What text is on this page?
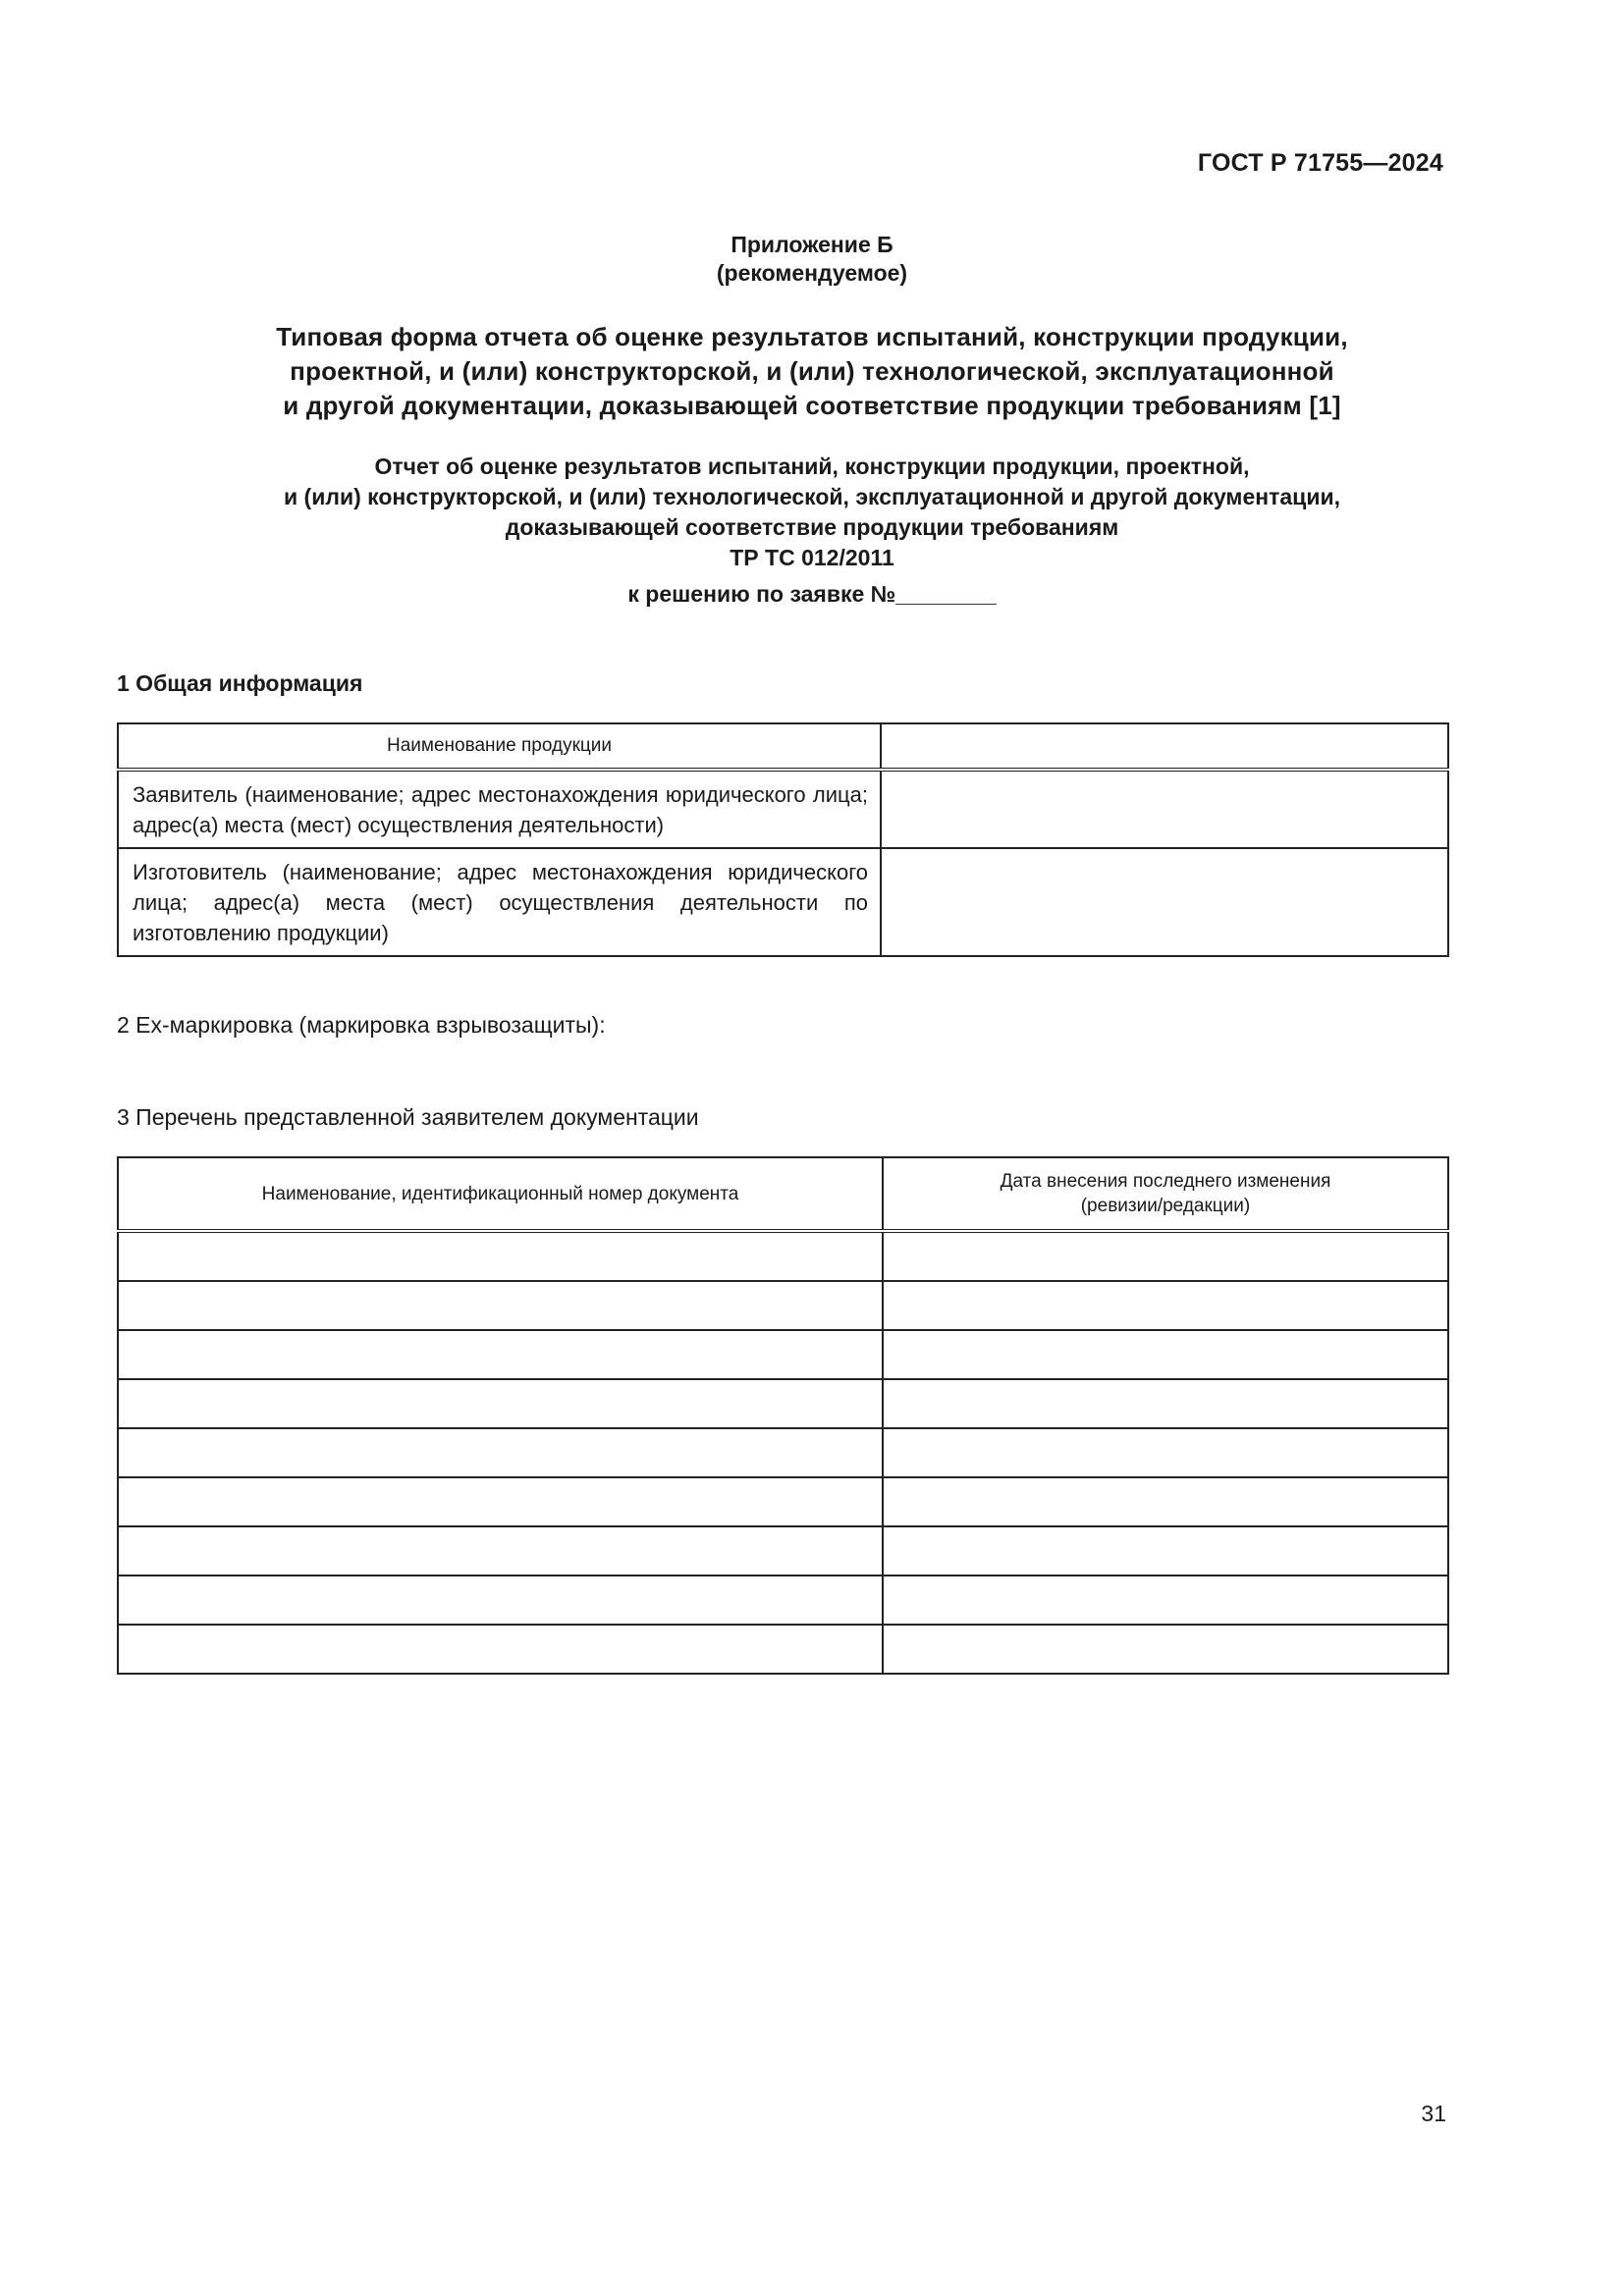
ГОСТ Р 71755—2024
Приложение Б
(рекомендуемое)
Типовая форма отчета об оценке результатов испытаний, конструкции продукции,
проектной, и (или) конструкторской, и (или) технологической, эксплуатационной
и другой документации, доказывающей соответствие продукции требованиям [1]
Отчет об оценке результатов испытаний, конструкции продукции, проектной,
и (или) конструкторской, и (или) технологической, эксплуатационной и другой документации,
доказывающей соответствие продукции требованиям
ТР ТС 012/2011
к решению по заявке №________
1 Общая информация
Наименование продукции	
Заявитель (наименование; адрес местонахождения юридического лица; адрес(а) места (мест) осуществления деятельности)	
Изготовитель (наименование; адрес местонахождения юридического лица; адрес(а) места (мест) осуществления деятельности по изготовлению продукции)	
2 Ex-маркировка (маркировка взрывозащиты):
3 Перечень представленной заявителем документации
Наименование, идентификационный номер документа	Дата внесения последнего изменения (ревизии/редакции)

31
